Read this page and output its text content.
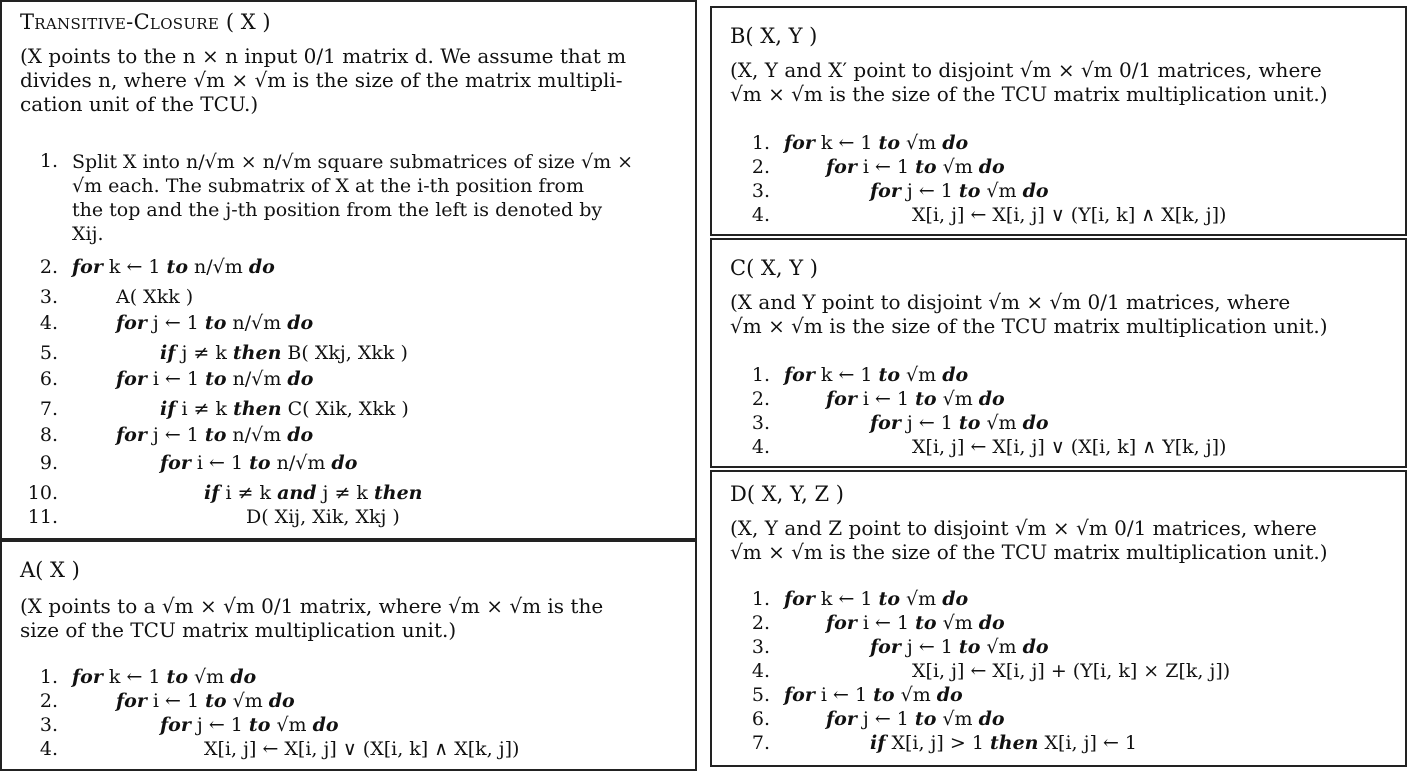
Transitive-Closure ( X )
(X points to the n × n input 0/1 matrix d. We assume that m
divides n, where √m × √m is the size of the matrix multipli-
cation unit of the TCU.)
1. Split X into n/√m × n/√m square submatrices of size √m ×
√m each. The submatrix of X at the i-th position from
the top and the j-th position from the left is denoted by
Xij.
2. for k ← 1 to n/√m do
3.	A( Xkk )
4.	for j ← 1 to n/√m do
5.	if j ≠ k then B( Xkj, Xkk )
6.	for i ← 1 to n/√m do
7.	if i ≠ k then C( Xik, Xkk )
8.	for j ← 1 to n/√m do
9.	for i ← 1 to n/√m do
10.	if i ≠ k and j ≠ k then
11.	D( Xij, Xik, Xkj )
A( X )
(X points to a √m × √m 0/1 matrix, where √m × √m is the
size of the TCU matrix multiplication unit.)
1. for k ← 1 to √m do
2.	for i ← 1 to √m do
3.	for j ← 1 to √m do
4.	X[i, j] ← X[i, j] ∨ (X[i, k] ∧ X[k, j])
B( X, Y )
(X, Y and X′ point to disjoint √m × √m 0/1 matrices, where
√m × √m is the size of the TCU matrix multiplication unit.)
1. for k ← 1 to √m do
2.	for i ← 1 to √m do
3.	for j ← 1 to √m do
4.	X[i, j] ← X[i, j] ∨ (Y[i, k] ∧ X[k, j])
C( X, Y )
(X and Y point to disjoint √m × √m 0/1 matrices, where
√m × √m is the size of the TCU matrix multiplication unit.)
1. for k ← 1 to √m do
2.	for i ← 1 to √m do
3.	for j ← 1 to √m do
4.	X[i, j] ← X[i, j] ∨ (X[i, k] ∧ Y[k, j])
D( X, Y, Z )
(X, Y and Z point to disjoint √m × √m 0/1 matrices, where
√m × √m is the size of the TCU matrix multiplication unit.)
1. for k ← 1 to √m do
2.	for i ← 1 to √m do
3.	for j ← 1 to √m do
4.	X[i, j] ← X[i, j] + (Y[i, k] × Z[k, j])
5. for i ← 1 to √m do
6.	for j ← 1 to √m do
7.	if X[i, j] > 1 then X[i, j] ← 1
